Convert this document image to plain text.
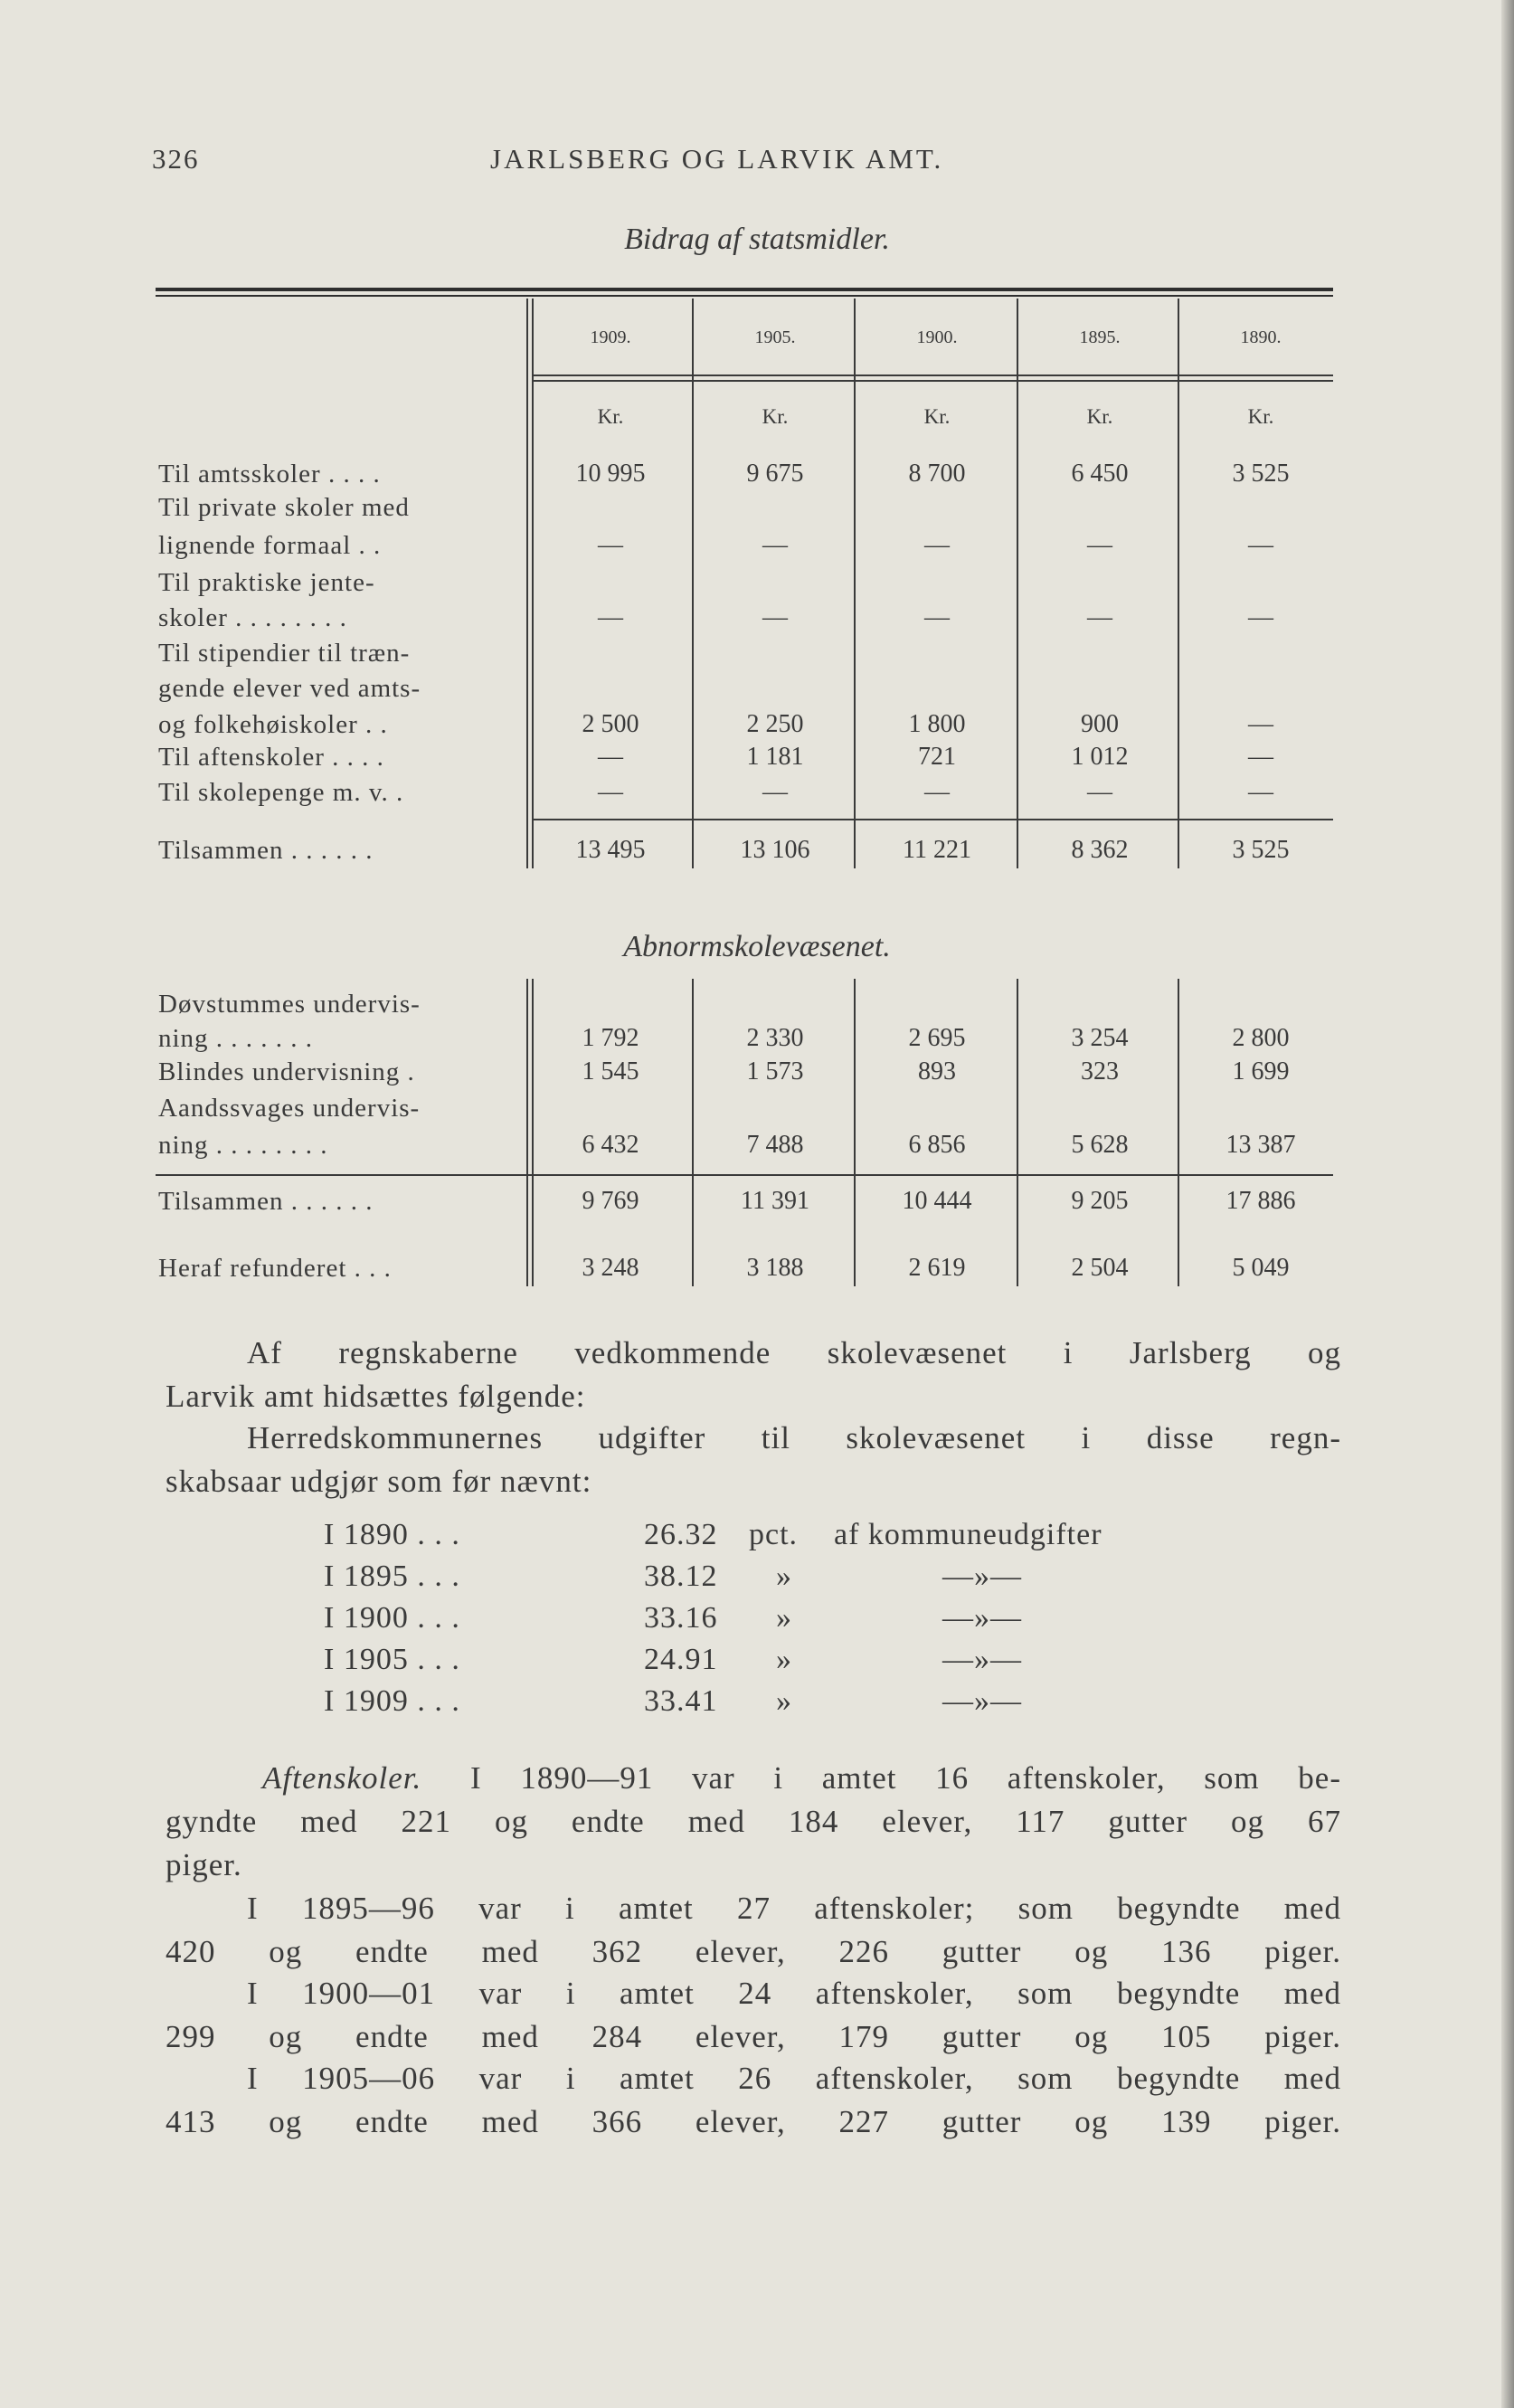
326	JARLSBERG OG LARVIK AMT.
Bidrag af statsmidler.
1909.	1905.	1900.	1895.	1890.
Kr.	Kr.	Kr.	Kr.	Kr.
Til amtsskoler . . . .	10 995	9 675	8 700	6 450	3 525
Til private skoler med
lignende formaal . .	—	—	—	—	—
Til praktiske jente-
skoler . . . . . . . .	—	—	—	—	—
Til stipendier til træn-
gende elever ved amts-
og folkehøiskoler . .	2 500	2 250	1 800	900	—
Til aftenskoler . . . .	—	1 181	721	1 012	—
Til skolepenge m. v. .	—	—	—	—	—
Tilsammen . . . . . .	13 495	13 106	11 221	8 362	3 525
Abnormskolevæsenet.
Døvstummes undervis-
ning . . . . . . .	1 792	2 330	2 695	3 254	2 800
Blindes undervisning .	1 545	1 573	893	323	1 699
Aandssvages undervis-
ning . . . . . . . .	6 432	7 488	6 856	5 628	13 387
Tilsammen . . . . . .	9 769	11 391	10 444	9 205	17 886
Heraf refunderet . . .	3 248	3 188	2 619	2 504	5 049
Af regnskaberne vedkommende skolevæsenet i Jarlsberg og
Larvik amt hidsættes følgende:
Herredskommunernes udgifter til skolevæsenet i disse regn-
skabsaar udgjør som før nævnt:
I 1890 . . .	26.32 pct. af kommuneudgifter
I 1895 . . .	38.12 »	—»—
I 1900 . . .	33.16 »	—»—
I 1905 . . .	24.91 »	—»—
I 1909 . . .	33.41 »	—»—
Aftenskoler.	I 1890—91 var i amtet 16 aftenskoler, som be-
gyndte med 221 og endte med 184 elever, 117 gutter og 67
piger.
I 1895—96 var i amtet 27 aftenskoler; som begyndte med
420 og endte med 362 elever, 226 gutter og 136 piger.
I 1900—01 var i amtet 24 aftenskoler, som begyndte med
299 og endte med 284 elever, 179 gutter og 105 piger.
I 1905—06 var i amtet 26 aftenskoler, som begyndte med
413 og endte med 366 elever, 227 gutter og 139 piger.
